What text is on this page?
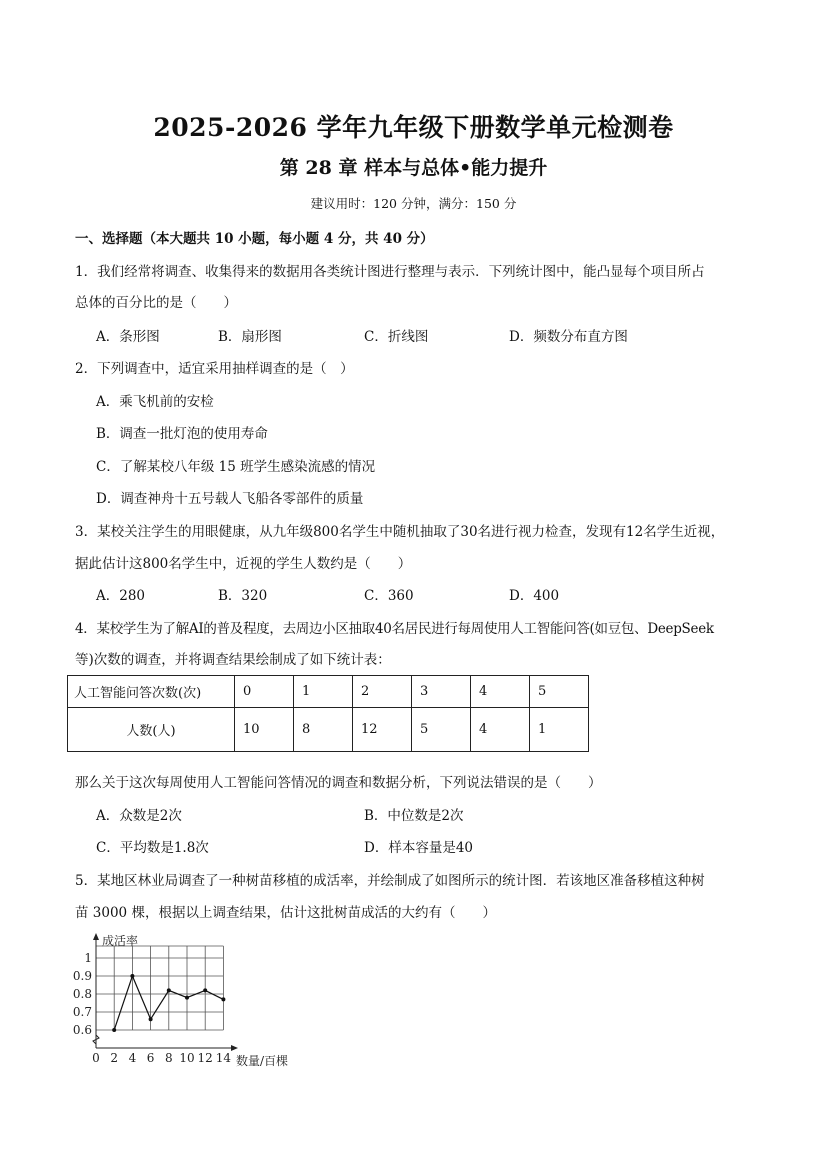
2025-2026 学年九年级下册数学单元检测卷
第 28 章 样本与总体•能力提升
建议用时：120 分钟，满分：150 分
一、选择题（本大题共 10 小题，每小题 4 分，共 40 分）
1．我们经常将调查、收集得来的数据用各类统计图进行整理与表示．下列统计图中，能凸显每个项目所占
总体的百分比的是（　　）
A．条形图	B．扇形图	C．折线图	D．频数分布直方图
2．下列调查中，适宜采用抽样调查的是（　）
A．乘飞机前的安检
B．调查一批灯泡的使用寿命
C．了解某校八年级 15 班学生感染流感的情况
D．调查神舟十五号载人飞船各零部件的质量
3．某校关注学生的用眼健康，从九年级800名学生中随机抽取了30名进行视力检查，发现有12名学生近视，
据此估计这800名学生中，近视的学生人数约是（　　）
A．280	B．320	C．360	D．400
4．某校学生为了解AI的普及程度，去周边小区抽取40名居民进行每周使用人工智能问答(如豆包、DeepSeek
等)次数的调查，并将调查结果绘制成了如下统计表：
人工智能问答次数(次)	0	1	2	3	4	5
人数(人)	10	8	12	5	4	1
那么关于这次每周使用人工智能问答情况的调查和数据分析，下列说法错误的是（　　）
A．众数是2次	B．中位数是2次
C．平均数是1.8次	D．样本容量是40
5．某地区林业局调查了一种树苗移植的成活率，并绘制成了如图所示的统计图．若该地区准备移植这种树
苗 3000 棵，根据以上调查结果，估计这批树苗成活的大约有（　　）
0 2 4 6 8 10 12 14
0.6
0.7
0.8
0.9
1
成活率
数量/百棵
